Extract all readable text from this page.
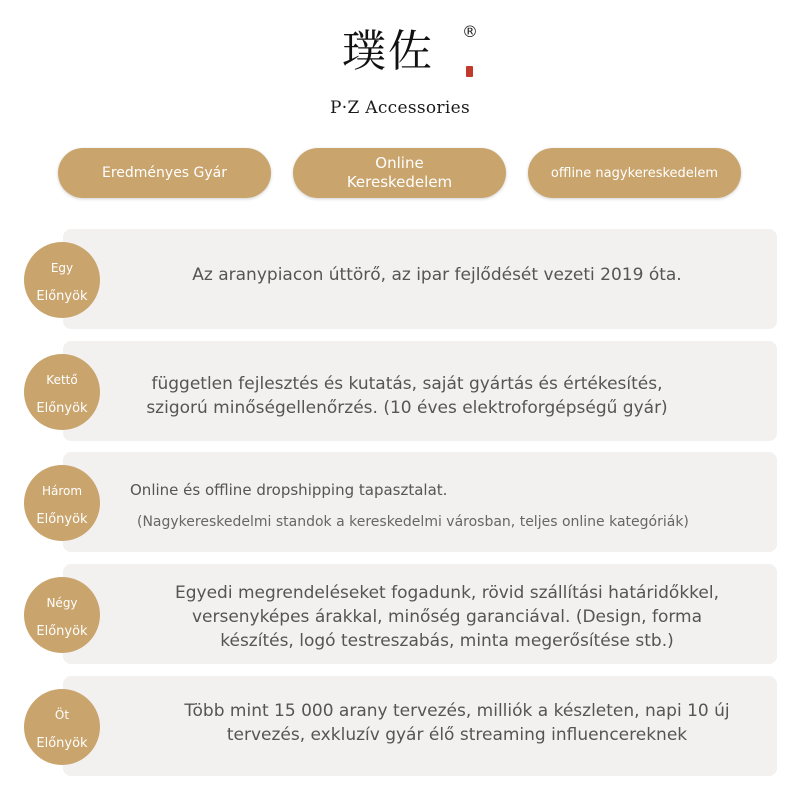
璞佐	®
P·Z Accessories
Eredményes Gyár
Online
Kereskedelem	offline nagykereskedelem
Egy
Előnyök
Az aranypiacon úttörő, az ipar fejlődését vezeti 2019 óta.
Kettő
Előnyök
független fejlesztés és kutatás, saját gyártás és értékesítés,
szigorú minőségellenőrzés. (10 éves elektroforgépségű gyár)
Három
Előnyök
Online és offline dropshipping tapasztalat.
(Nagykereskedelmi standok a kereskedelmi városban, teljes online kategóriák)
Négy
Előnyök
Egyedi megrendeléseket fogadunk, rövid szállítási határidőkkel,
versenyképes árakkal, minőség garanciával. (Design, forma
készítés, logó testreszabás, minta megerősítése stb.)
Öt
Előnyök
Több mint 15 000 arany tervezés, milliók a készleten, napi 10 új
tervezés, exkluzív gyár élő streaming influencereknek
